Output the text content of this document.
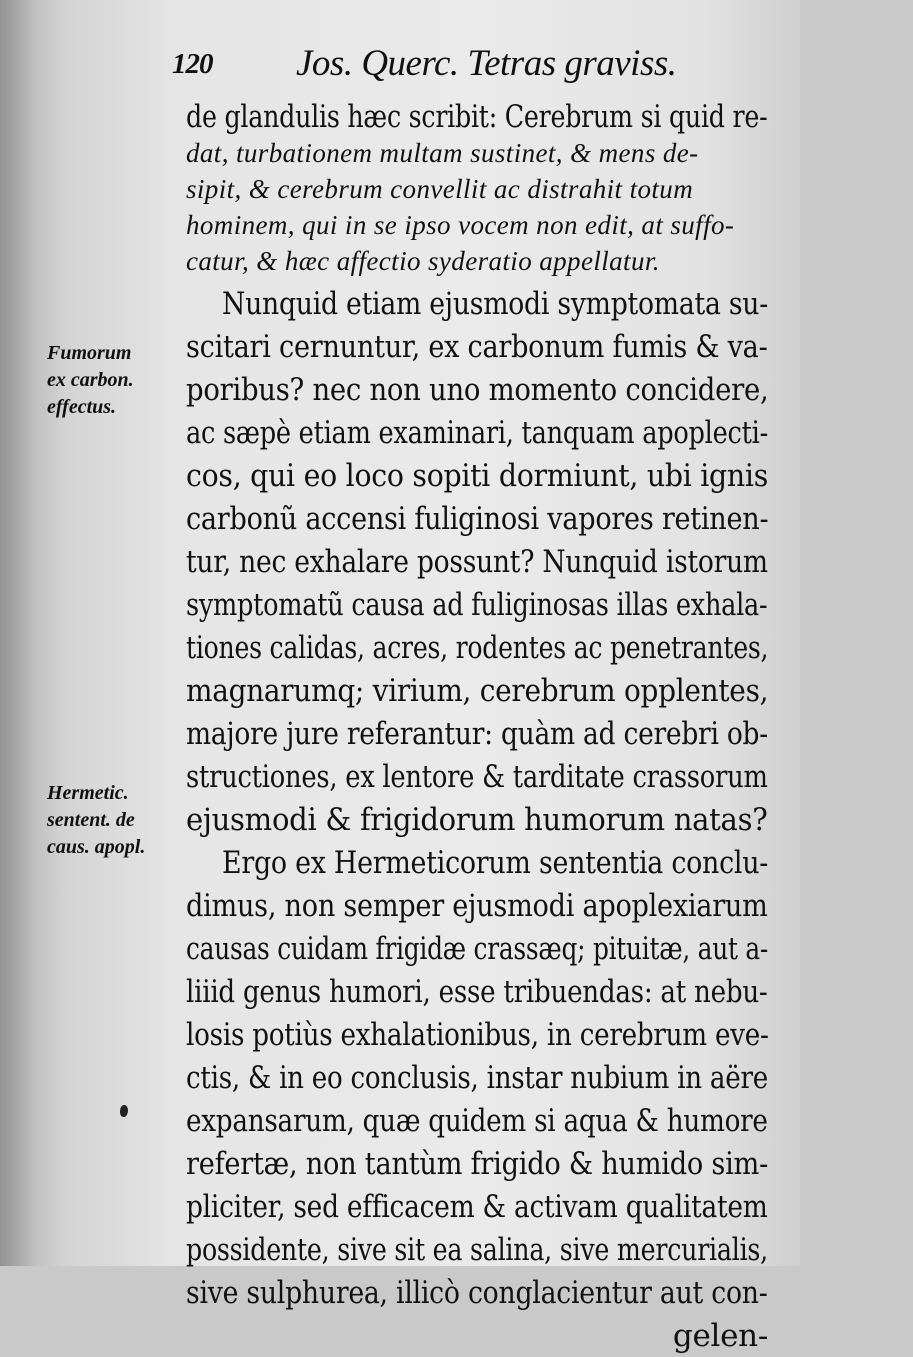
120 Jos. Querc. Tetras graviss.
Fumorum
ex carbon.
effectus.
Hermetic.
sentent. de
caus. apopl.
de glandulis hæc scribit: Cerebrum si quid re-
dat, turbationem multam sustinet, & mens de-
sipit, & cerebrum convellit ac distrahit totum
hominem, qui in se ipso vocem non edit, at suffo-
catur, & hæc affectio syderatio appellatur.
Nunquid etiam ejusmodi symptomata su-
scitari cernuntur, ex carbonum fumis & va-
poribus? nec non uno momento concidere,
ac sæpè etiam examinari, tanquam apoplecti-
cos, qui eo loco sopiti dormiunt, ubi ignis
carbonũ accensi fuliginosi vapores retinen-
tur, nec exhalare possunt? Nunquid istorum
symptomatũ causa ad fuliginosas illas exhala-
tiones calidas, acres, rodentes ac penetrantes,
magnarumq; virium, cerebrum opplentes,
majore jure referantur: quàm ad cerebri ob-
structiones, ex lentore & tarditate crassorum
ejusmodi & frigidorum humorum natas?
Ergo ex Hermeticorum sententia conclu-
dimus, non semper ejusmodi apoplexiarum
causas cuidam frigidæ crassæq; pituitæ, aut a-
liiid genus humori, esse tribuendas: at nebu-
losis potiùs exhalationibus, in cerebrum eve-
ctis, & in eo conclusis, instar nubium in aëre
expansarum, quæ quidem si aqua & humore
refertæ, non tantùm frigido & humido sim-
pliciter, sed efficacem & activam qualitatem
possidente, sive sit ea salina, sive mercurialis,
sive sulphurea, illicò conglacientur aut con-
gelen-
